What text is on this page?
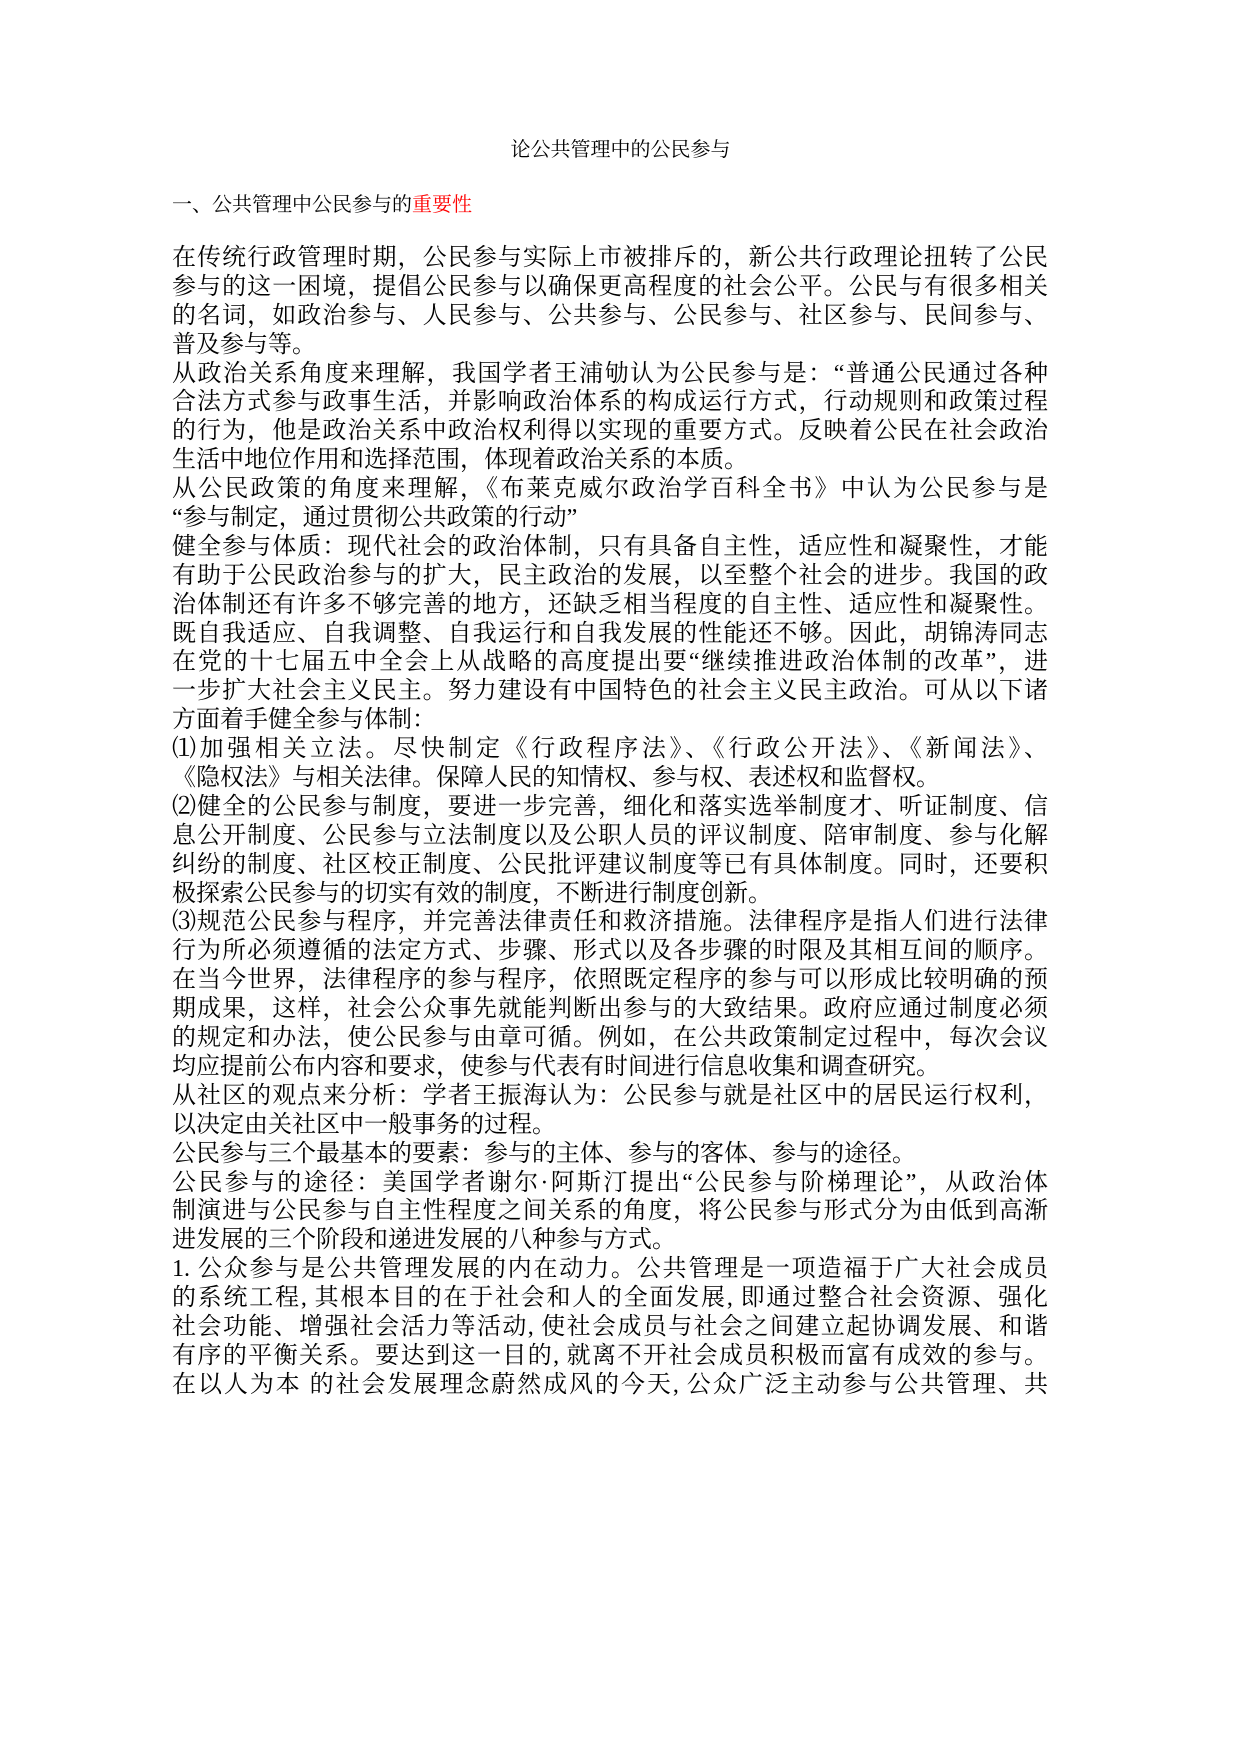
论公共管理中的公民参与
一、公共管理中公民参与的重要性
在传统行政管理时期，公民参与实际上市被排斥的，新公共行政理论扭转了公民
参与的这一困境，提倡公民参与以确保更高程度的社会公平。公民与有很多相关
的名词，如政治参与、人民参与、公共参与、公民参与、社区参与、民间参与、
普及参与等。
从政治关系角度来理解，我国学者王浦劬认为公民参与是：“普通公民通过各种
合法方式参与政事生活，并影响政治体系的构成运行方式，行动规则和政策过程
的行为，他是政治关系中政治权利得以实现的重要方式。反映着公民在社会政治
生活中地位作用和选择范围，体现着政治关系的本质。
从公民政策的角度来理解，《布莱克威尔政治学百科全书》中认为公民参与是
“参与制定，通过贯彻公共政策的行动”
健全参与体质：现代社会的政治体制，只有具备自主性，适应性和凝聚性，才能
有助于公民政治参与的扩大，民主政治的发展，以至整个社会的进步。我国的政
治体制还有许多不够完善的地方，还缺乏相当程度的自主性、适应性和凝聚性。
既自我适应、自我调整、自我运行和自我发展的性能还不够。因此，胡锦涛同志
在党的十七届五中全会上从战略的高度提出要“继续推进政治体制的改革”，进
一步扩大社会主义民主。努力建设有中国特色的社会主义民主政治。可从以下诸
方面着手健全参与体制：
⑴加强相关立法。尽快制定《行政程序法》、《行政公开法》、《新闻法》、
《隐权法》与相关法律。保障人民的知情权、参与权、表述权和监督权。
⑵健全的公民参与制度，要进一步完善，细化和落实选举制度才、听证制度、信
息公开制度、公民参与立法制度以及公职人员的评议制度、陪审制度、参与化解
纠纷的制度、社区校正制度、公民批评建议制度等已有具体制度。同时，还要积
极探索公民参与的切实有效的制度，不断进行制度创新。
⑶规范公民参与程序，并完善法律责任和救济措施。法律程序是指人们进行法律
行为所必须遵循的法定方式、步骤、形式以及各步骤的时限及其相互间的顺序。
在当今世界，法律程序的参与程序，依照既定程序的参与可以形成比较明确的预
期成果，这样，社会公众事先就能判断出参与的大致结果。政府应通过制度必须
的规定和办法，使公民参与由章可循。例如，在公共政策制定过程中，每次会议
均应提前公布内容和要求，使参与代表有时间进行信息收集和调查研究。
从社区的观点来分析：学者王振海认为：公民参与就是社区中的居民运行权利，
以决定由关社区中一般事务的过程。
公民参与三个最基本的要素：参与的主体、参与的客体、参与的途径。
公民参与的途径：美国学者谢尔·阿斯汀提出“公民参与阶梯理论”，从政治体
制演进与公民参与自主性程度之间关系的角度，将公民参与形式分为由低到高渐
进发展的三个阶段和递进发展的八种参与方式。
1. 公众参与是公共管理发展的内在动力。公共管理是一项造福于广大社会成员
的系统工程, 其根本目的在于社会和人的全面发展, 即通过整合社会资源、强化
社会功能、增强社会活力等活动, 使社会成员与社会之间建立起协调发展、和谐
有序的平衡关系。要达到这一目的, 就离不开社会成员积极而富有成效的参与。
在以人为本 的社会发展理念蔚然成风的今天, 公众广泛主动参与公共管理、共
